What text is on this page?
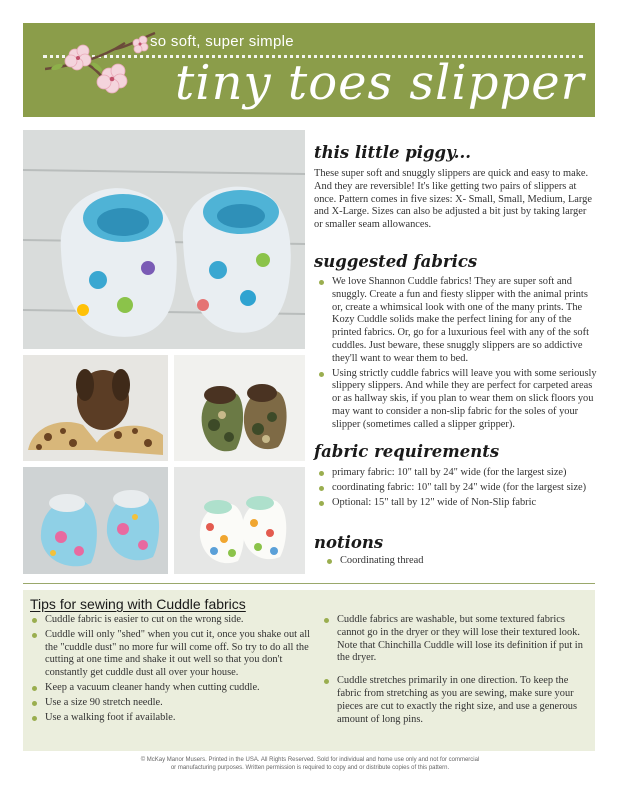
so soft, super simple
tiny toes slipper
this little piggy...

These super soft and snuggly slippers are quick and easy to make. And they are reversible! It's like getting two pairs of slippers at once. Pattern comes in five sizes: X- Small, Small, Medium, Large and X-Large. Sizes can also be adjusted a bit just by taking larger or smaller seam allowances.

suggested fabrics
We love Shannon Cuddle fabrics! They are super soft and snuggly. Create a fun and fiesty slipper with the animal prints or, create a whimsical look with one of the many prints. The Kozy Cuddle solids make the perfect lining for any of the printed fabrics. Or, go for a luxurious feel with any of the soft cuddles. Just beware, these snuggly slippers are so addictive they'll want to wear them to bed.
Using strictly cuddle fabrics will leave you with some seriously slippery slippers. And while they are perfect for carpeted areas or as hallway skis, if you plan to wear them on slick floors you may want to consider a non-slip fabric for the soles of your slipper (sometimes called a slipper gripper).
fabric requirements
primary fabric: 10" tall by 24" wide (for the largest size)
coordinating fabric: 10" tall by 24" wide (for the largest size)
Optional: 15" tall by 12" wide of Non-Slip fabric
notions
Coordinating thread
Tips for sewing with Cuddle fabrics
Cuddle fabric is easier to cut on the wrong side.
Cuddle will only "shed" when you cut it, once you shake out all the "cuddle dust" no more fur will come off. So try to do all the cutting at one time and shake it out well so that you don't constantly get cuddle dust all over your house.
Keep a vacuum cleaner handy when cutting cuddle.
Use a size 90 stretch needle.
Use a walking foot if available.
Cuddle fabrics are washable, but some textured fabrics cannot go in the dryer or they will lose their textured look. Note that Chinchilla Cuddle will lose its definition if put in the dryer.
Cuddle stretches primarily in one direction. To keep the fabric from stretching as you are sewing, make sure your pieces are cut to exactly the right size, and use a generous amount of long pins.
© McKay Manor Musers. Printed in the USA. All Rights Reserved. Sold for individual and home use only and not for commercial
or manufacturing purposes. Written permission is required to copy and or distribute copies of this pattern.
